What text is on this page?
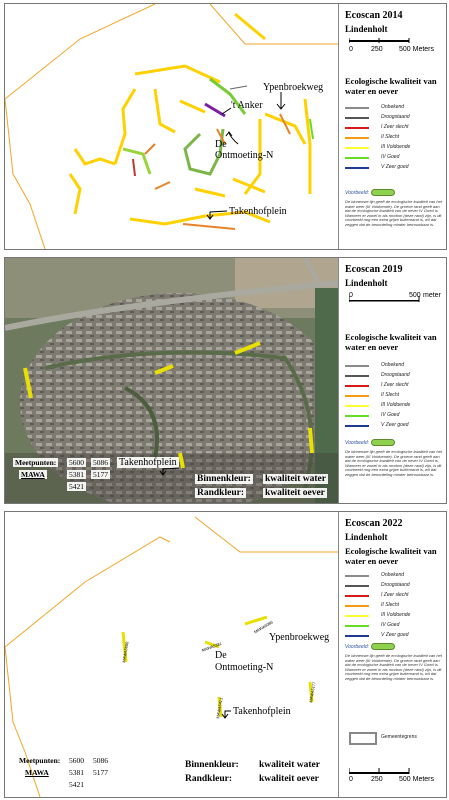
Ypenbroekweg
't Anker
De
Ontmoeting-N
Takenhofplein
Ecoscan 2014
Lindenholt
0	250 500 Meters
Ecologische kwaliteit van water en oever
Voorbeeld:
De binnenste lijn geeft de ecologische kwaliteit van het water weer (III Voldoende). De groene rand geeft aan dat de ecologische kwaliteit van de oever IV Goed is. Wanneer er zowel in als rondom (deze rand) zijn, is dit voorbeeld nog een extra grijze buitenrand is, wil dat zeggen dat de beoordeling minder betrouwbaar is.
Onbekend
Droogstaand
I Zeer slecht
II Slecht
III Voldoende
IV Goed
V Zeer goed
Meetpunten: 5600 5086
MAWA	5381 5177
5421
Takenhofplein
Binnenkleur: kwaliteit water
Randkleur: kwaliteit oever
Ecoscan 2019
Lindenholt
0	500 meter
Ecologische kwaliteit van water en oever
Voorbeeld:
De binnenste lijn geeft de ecologische kwaliteit van het water weer (III Voldoende). De groene rand geeft aan dat de ecologische kwaliteit van de oever IV Goed is. Wanneer er zowel in als rondom (deze rand) zijn, is dit voorbeeld nog een extra grijze buitenrand is, wil dat zeggen dat de beoordeling minder betrouwbaar is.
Onbekend
Droogstaand
I Zeer slecht
II Slecht
III Voldoende
IV Goed
V Zeer goed
MAWA5600	MAWA5381
MAWA5086
MAWA5421
MAWA5177
Ypenbroekweg
De
Ontmoeting-N
Takenhofplein
Meetpunten: 5600 5086
MAWA	5381 5177
5421
Binnenkleur: kwaliteit water
Randkleur:	kwaliteit oever
Ecoscan 2022
Lindenholt
Ecologische kwaliteit van water en oever
Voorbeeld:
De binnenste lijn geeft de ecologische kwaliteit van het water weer (III Voldoende). De groene rand geeft aan dat de ecologische kwaliteit van de oever IV Goed is. Wanneer er zowel in als rondom (deze rand) zijn, is dit voorbeeld nog een extra grijze buitenrand is, wil dat zeggen dat de beoordeling minder betrouwbaar is.
Gemeentegrens
0	250 500 Meters
Onbekend
Droogstaand
I Zeer slecht
II Slecht
III Voldoende
IV Goed
V Zeer goed
